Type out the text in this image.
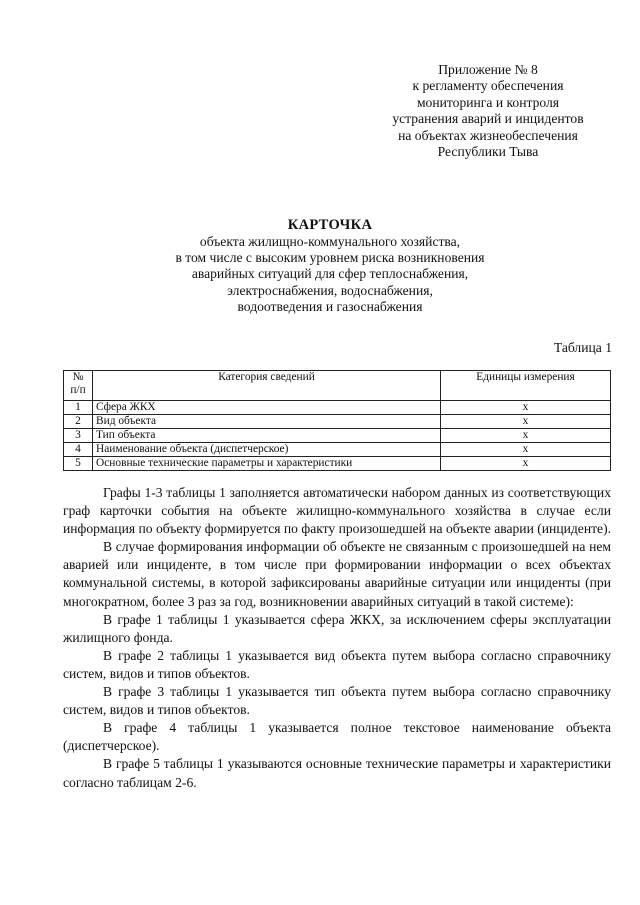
Приложение № 8
к регламенту обеспечения
мониторинга и контроля
устранения аварий и инцидентов
на объектах жизнеобеспечения
Республики Тыва
КАРТОЧКА
объекта жилищно-коммунального хозяйства,
в том числе с высоким уровнем риска возникновения
аварийных ситуаций для сфер теплоснабжения,
электроснабжения, водоснабжения,
водоотведения и газоснабжения
Таблица 1
№ п/п	Категория сведений	Единицы измерения
1	Сфера ЖКХ	х
2	Вид объекта	х
3	Тип объекта	х
4	Наименование объекта (диспетчерское)	х
5	Основные технические параметры и характеристики	х

Графы 1-3 таблицы 1 заполняется автоматически набором данных из соответствующих граф карточки события на объекте жилищно-коммунального хозяйства в случае если информация по объекту формируется по факту произошедшей на объекте аварии (инциденте).

В случае формирования информации об объекте не связанным с произошедшей на нем аварией или инциденте, в том числе при формировании информации о всех объектах коммунальной системы, в которой зафиксированы аварийные ситуации или инциденты (при многократном, более 3 раз за год, возникновении аварийных ситуаций в такой системе):

В графе 1 таблицы 1 указывается сфера ЖКХ, за исключением сферы эксплуатации жилищного фонда.

В графе 2 таблицы 1 указывается вид объекта путем выбора согласно справочнику систем, видов и типов объектов.

В графе 3 таблицы 1 указывается тип объекта путем выбора согласно справочнику систем, видов и типов объектов.

В графе 4 таблицы 1 указывается полное текстовое наименование объекта (диспетчерское).

В графе 5 таблицы 1 указываются основные технические параметры и характеристики согласно таблицам 2-6.
